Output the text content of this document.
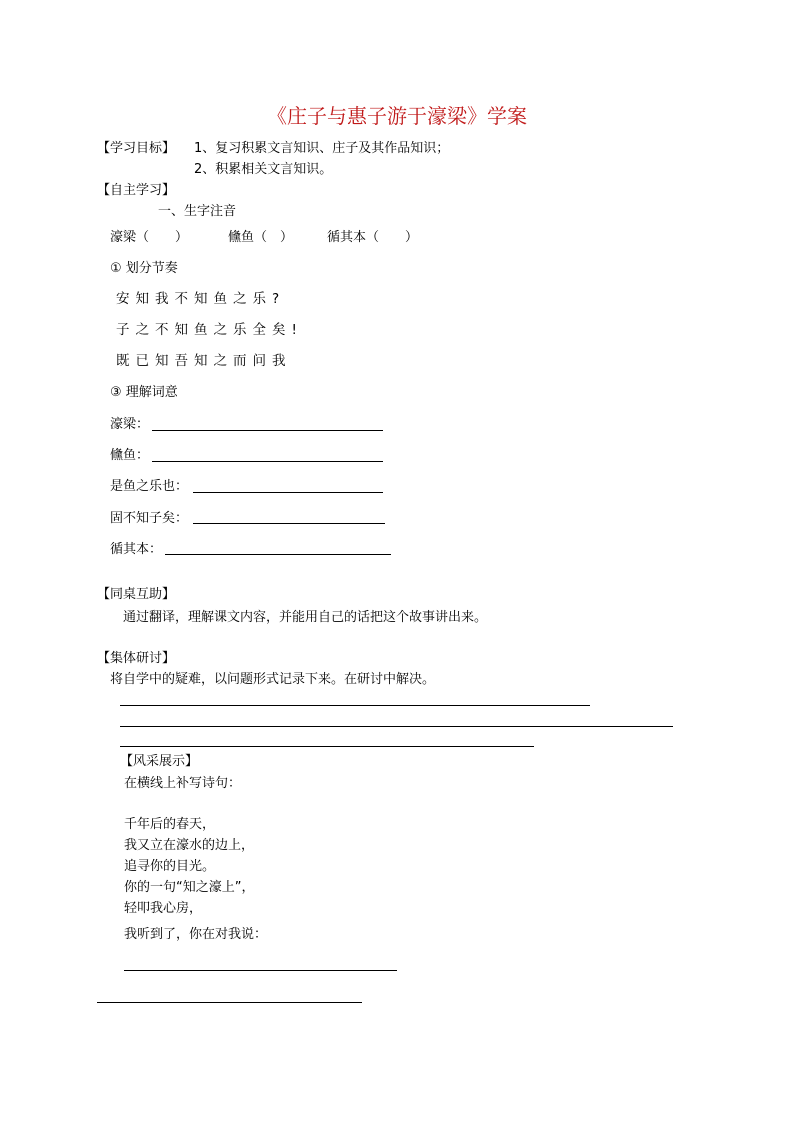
《庄子与惠子游于濠梁》学案
【学习目标】 1、复习积累文言知识、庄子及其作品知识；
2、积累相关文言知识。
【自主学习】
一、生字注音
濠梁（　　）	儵鱼（　）	循其本（　　）
① 划分节奏
安知我不知鱼之乐?
子之不知鱼之乐全矣!
既已知吾知之而问我
③ 理解词意
濠梁：
儵鱼：
是鱼之乐也：
固不知子矣：
循其本：
【同桌互助】
通过翻译，理解课文内容，并能用自己的话把这个故事讲出来。
【集体研讨】
将自学中的疑难，以问题形式记录下来。在研讨中解决。
【风采展示】
在横线上补写诗句：
千年后的春天，
我又立在濠水的边上，
追寻你的目光。
你的一句“知之濠上”，
轻叩我心房，
我听到了，你在对我说：
